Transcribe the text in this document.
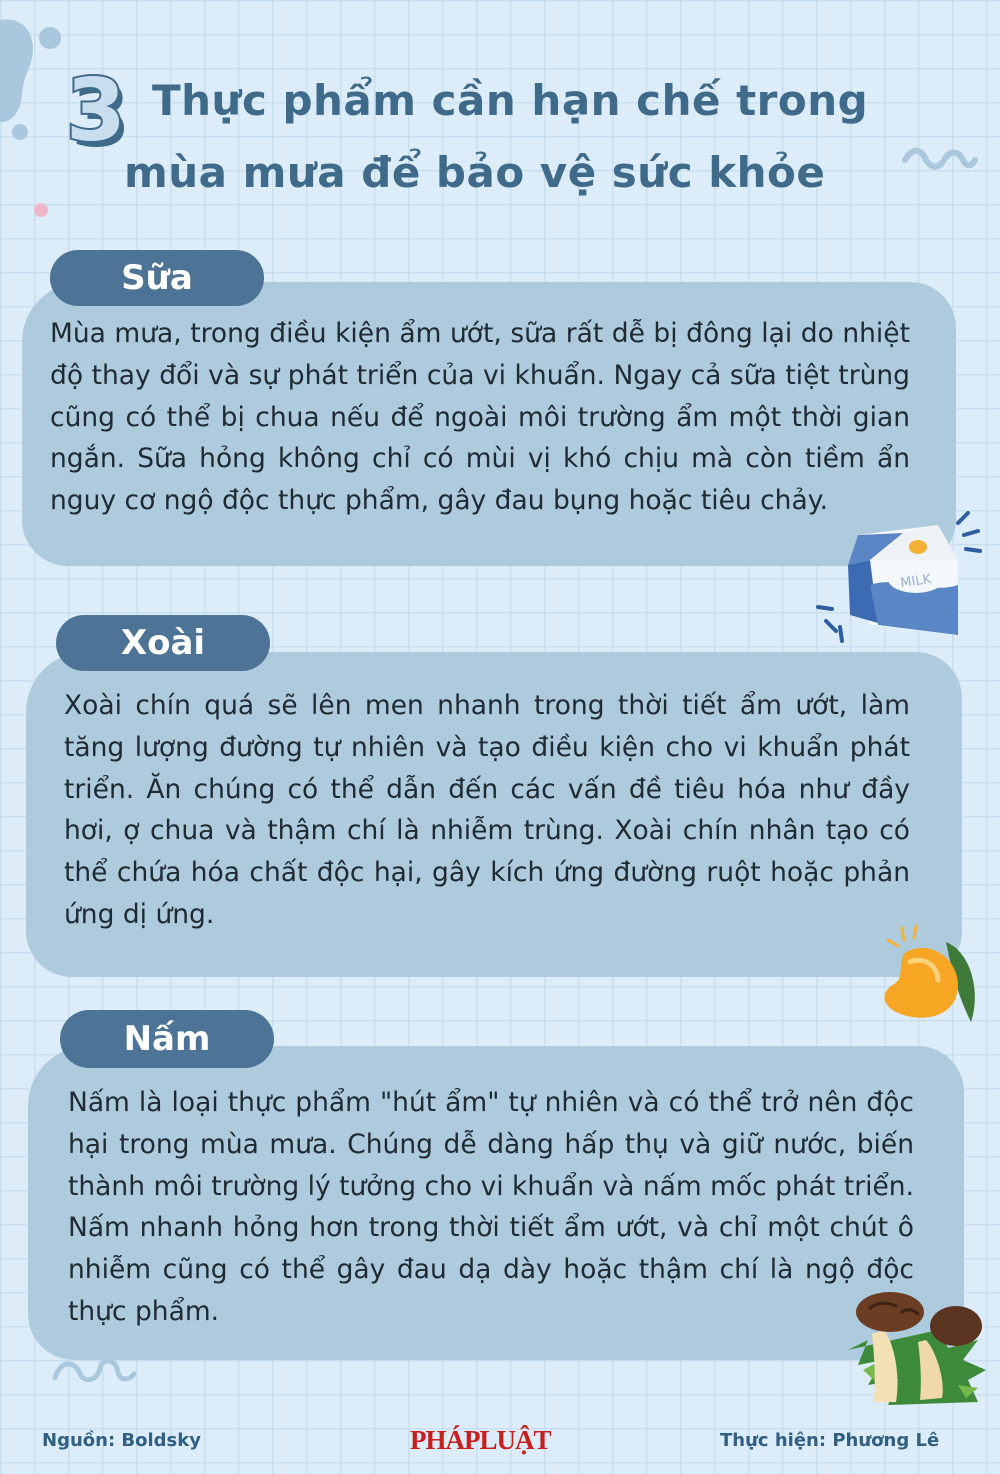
3 Thực phẩm cần hạn chế trong
mùa mưa để bảo vệ sức khỏe
Sữa

Mùa mưa, trong điều kiện ẩm ướt, sữa rất dễ bị đông lại do nhiệt độ thay đổi và sự phát triển của vi khuẩn. Ngay cả sữa tiệt trùng cũng có thể bị chua nếu để ngoài môi trường ẩm một thời gian ngắn. Sữa hỏng không chỉ có mùi vị khó chịu mà còn tiềm ẩn nguy cơ ngộ độc thực phẩm, gây đau bụng hoặc tiêu chảy.

MILK
Xoài

Xoài chín quá sẽ lên men nhanh trong thời tiết ẩm ướt, làm tăng lượng đường tự nhiên và tạo điều kiện cho vi khuẩn phát triển. Ăn chúng có thể dẫn đến các vấn đề tiêu hóa như đầy hơi, ợ chua và thậm chí là nhiễm trùng. Xoài chín nhân tạo có thể chứa hóa chất độc hại, gây kích ứng đường ruột hoặc phản ứng dị ứng.

Nấm

Nấm là loại thực phẩm "hút ẩm" tự nhiên và có thể trở nên độc hại trong mùa mưa. Chúng dễ dàng hấp thụ và giữ nước, biến thành môi trường lý tưởng cho vi khuẩn và nấm mốc phát triển. Nấm nhanh hỏng hơn trong thời tiết ẩm ướt, và chỉ một chút ô nhiễm cũng có thể gây đau dạ dày hoặc thậm chí là ngộ độc thực phẩm.

Nguồn: Boldsky	PHÁPLUẬT	Thực hiện: Phương Lê
